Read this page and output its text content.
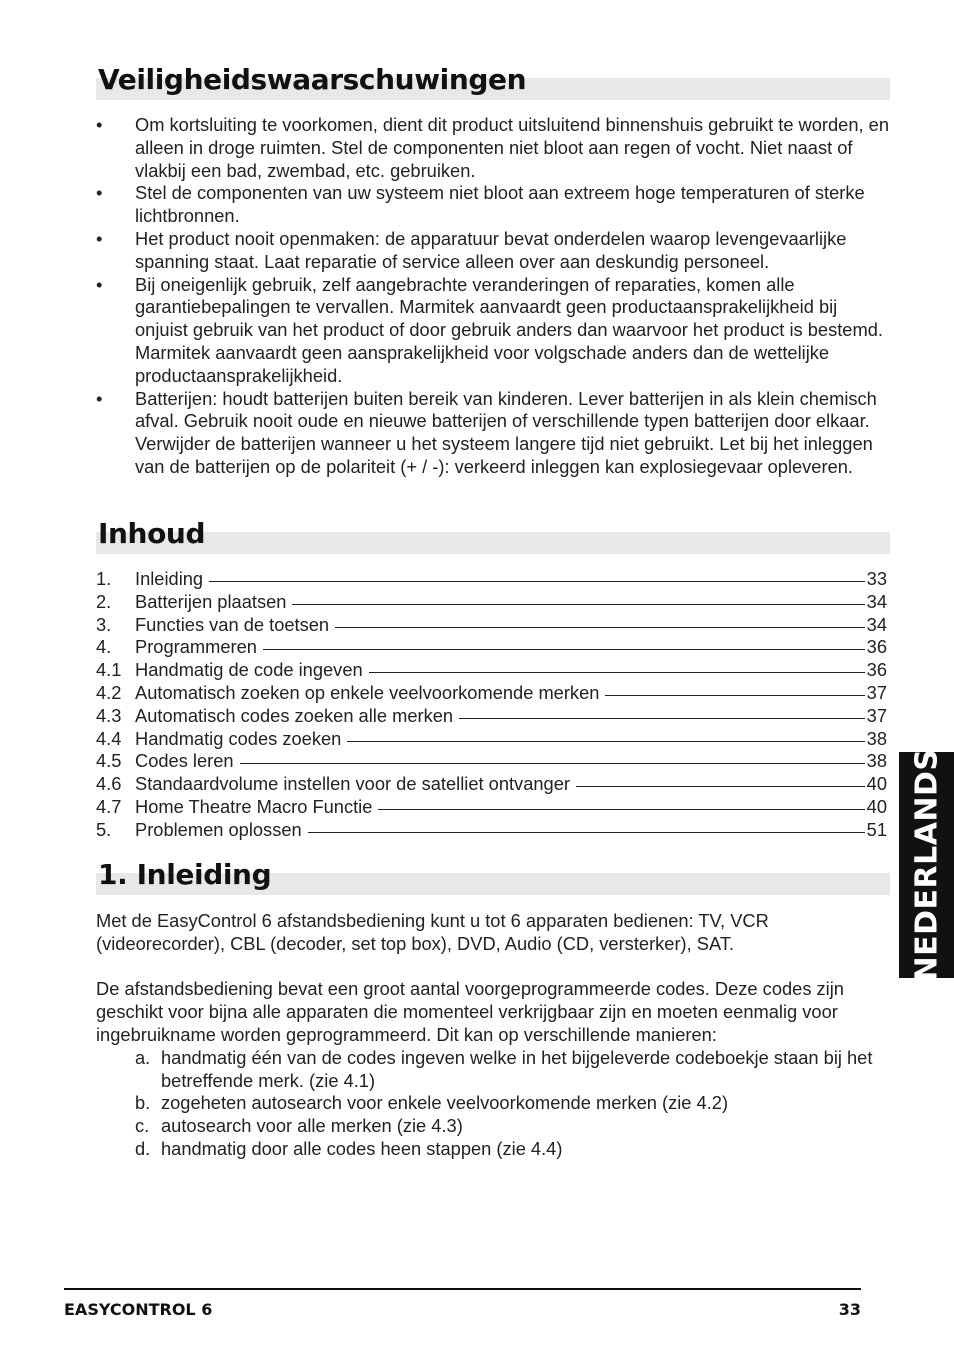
Veiligheidswaarschuwingen
• Om kortsluiting te voorkomen, dient dit product uitsluitend binnenshuis gebruikt te worden, en alleen in droge ruimten. Stel de componenten niet bloot aan regen of vocht. Niet naast of vlakbij een bad, zwembad, etc. gebruiken.
• Stel de componenten van uw systeem niet bloot aan extreem hoge temperaturen of sterke lichtbronnen.
• Het product nooit openmaken: de apparatuur bevat onderdelen waarop levengevaarlijke spanning staat. Laat reparatie of service alleen over aan deskundig personeel.
• Bij oneigenlijk gebruik, zelf aangebrachte veranderingen of reparaties, komen alle garantiebepalingen te vervallen. Marmitek aanvaardt geen productaansprakelijkheid bij onjuist gebruik van het product of door gebruik anders dan waarvoor het product is bestemd. Marmitek aanvaardt geen aansprakelijkheid voor volgschade anders dan de wettelijke productaansprakelijkheid.
• Batterijen: houdt batterijen buiten bereik van kinderen. Lever batterijen in als klein chemisch afval. Gebruik nooit oude en nieuwe batterijen of verschillende typen batterijen door elkaar. Verwijder de batterijen wanneer u het systeem langere tijd niet gebruikt. Let bij het inleggen van de batterijen op de polariteit (+ / -): verkeerd inleggen kan explosiegevaar opleveren.
Inhoud
1.	Inleiding	33
2.	Batterijen plaatsen	34
3.	Functies van de toetsen	34
4.	Programmeren	36
4.1 Handmatig de code ingeven	36
4.2 Automatisch zoeken op enkele veelvoorkomende merken	37
4.3 Automatisch codes zoeken alle merken	37
4.4 Handmatig codes zoeken	38
4.5 Codes leren	38
4.6 Standaardvolume instellen voor de satelliet ontvanger	40
4.7 Home Theatre Macro Functie	40
5.	Problemen oplossen	51
1. Inleiding

Met de EasyControl 6 afstandsbediening kunt u tot 6 apparaten bedienen: TV, VCR (videorecorder), CBL (decoder, set top box), DVD, Audio (CD, versterker), SAT.

De afstandsbediening bevat een groot aantal voorgeprogrammeerde codes. Deze codes zijn geschikt voor bijna alle apparaten die momenteel verkrijgbaar zijn en moeten eenmalig voor ingebruikname worden geprogrammeerd. Dit kan op verschillende manieren:

a. handmatig één van de codes ingeven welke in het bijgeleverde codeboekje staan bij het betreffende merk. (zie 4.1)
b. zogeheten autosearch voor enkele veelvoorkomende merken (zie 4.2)
c. autosearch voor alle merken (zie 4.3)
d. handmatig door alle codes heen stappen (zie 4.4)
NEDERLANDS
EASYCONTROL 6	33
